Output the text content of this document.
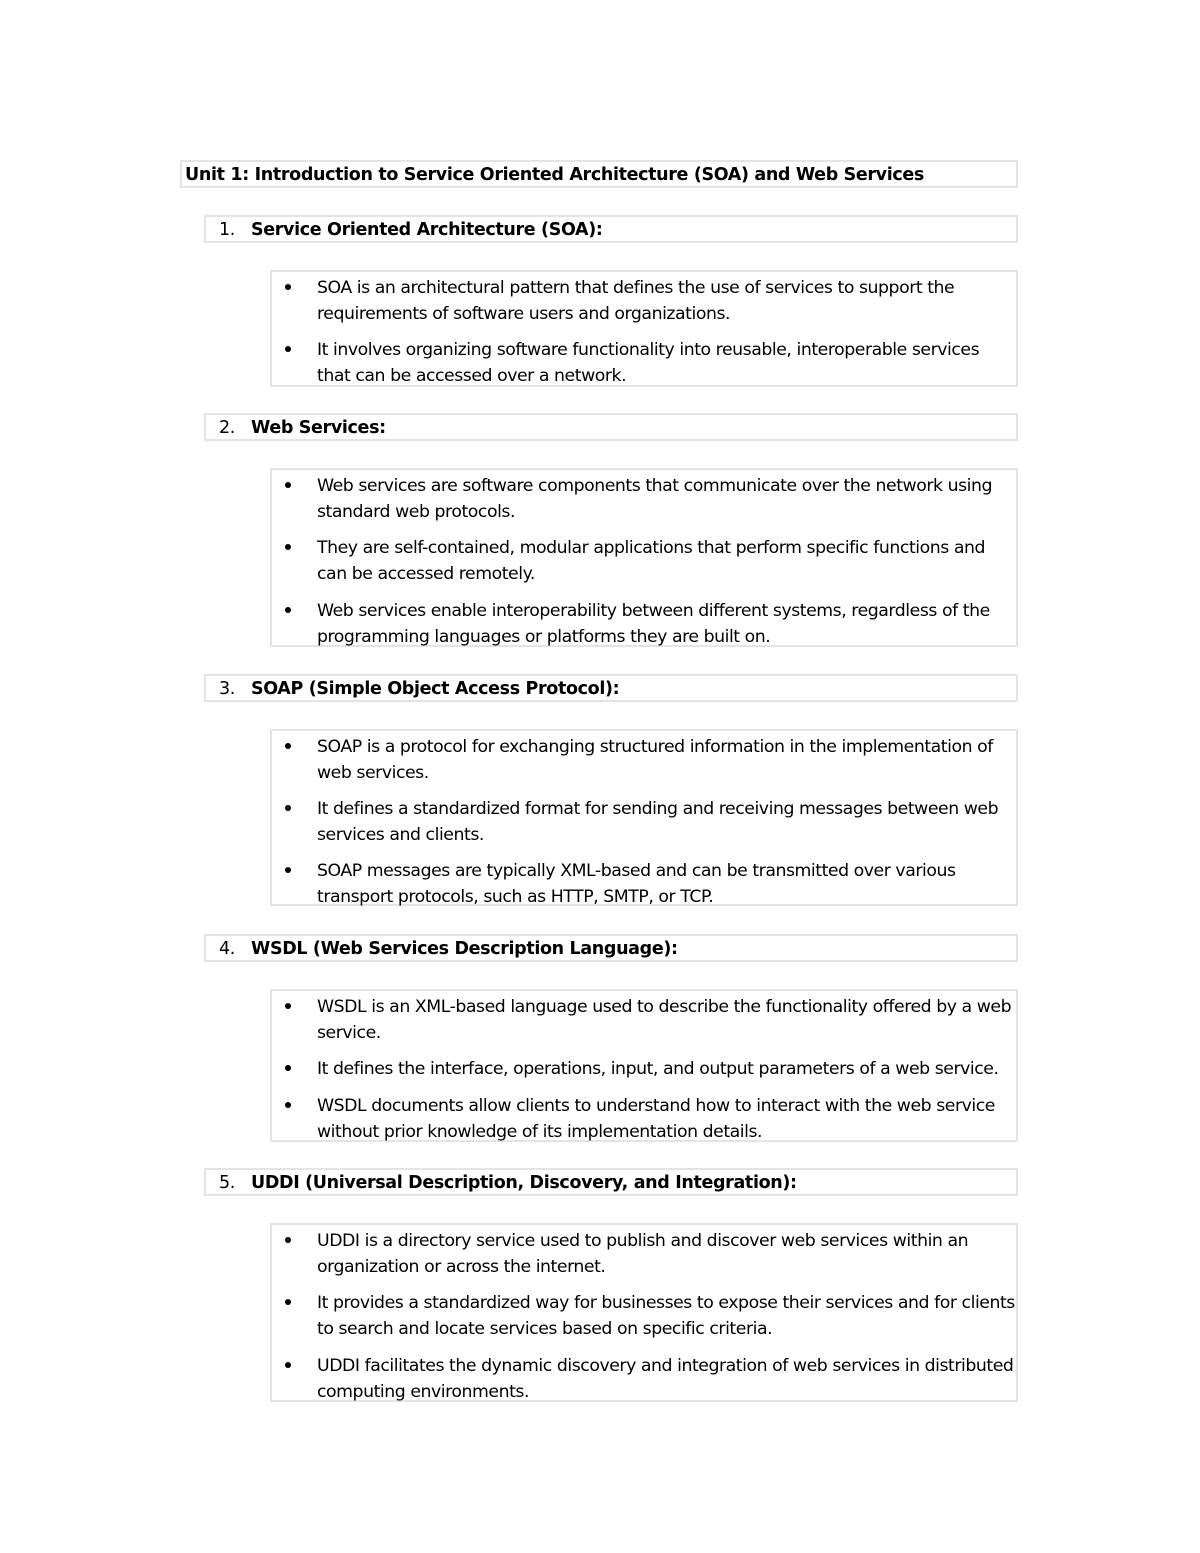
Unit 1: Introduction to Service Oriented Architecture (SOA) and Web Services
1. Service Oriented Architecture (SOA):
SOA is an architectural pattern that defines the use of services to support the requirements of software users and organizations.
It involves organizing software functionality into reusable, interoperable services that can be accessed over a network.
2. Web Services:
Web services are software components that communicate over the network using standard web protocols.
They are self-contained, modular applications that perform specific functions and can be accessed remotely.
Web services enable interoperability between different systems, regardless of the programming languages or platforms they are built on.
3. SOAP (Simple Object Access Protocol):
SOAP is a protocol for exchanging structured information in the implementation of web services.
It defines a standardized format for sending and receiving messages between web services and clients.
SOAP messages are typically XML-based and can be transmitted over various transport protocols, such as HTTP, SMTP, or TCP.
4. WSDL (Web Services Description Language):
WSDL is an XML-based language used to describe the functionality offered by a web service.
It defines the interface, operations, input, and output parameters of a web service.
WSDL documents allow clients to understand how to interact with the web service without prior knowledge of its implementation details.
5. UDDI (Universal Description, Discovery, and Integration):
UDDI is a directory service used to publish and discover web services within an organization or across the internet.
It provides a standardized way for businesses to expose their services and for clients to search and locate services based on specific criteria.
UDDI facilitates the dynamic discovery and integration of web services in distributed computing environments.
